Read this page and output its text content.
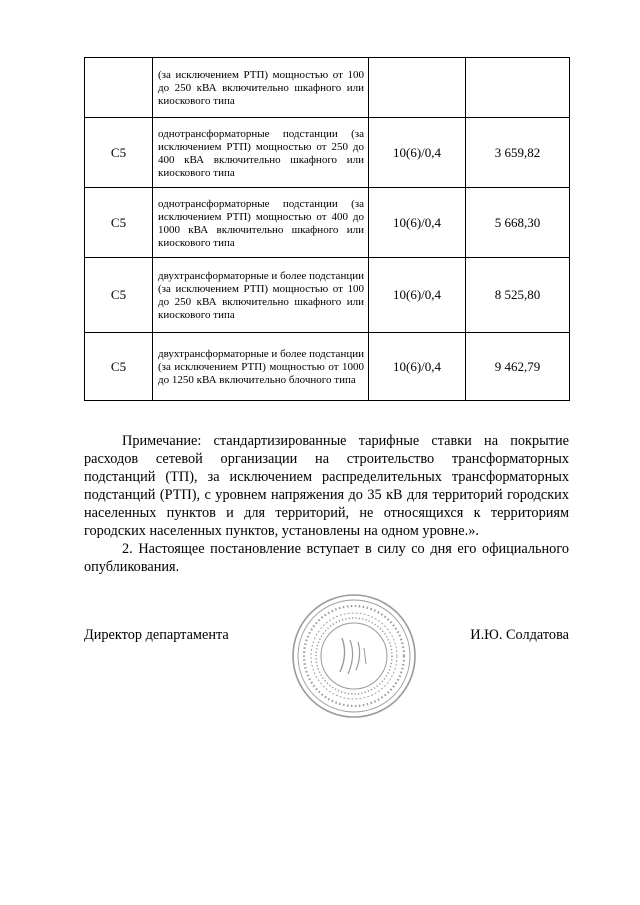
	(за исключением РТП) мощностью от 100 до 250 кВА включительно шкафного или киоскового типа		
С5	однотрансформаторные подстанции (за исключением РТП) мощностью от 250 до 400 кВА включительно шкафного или киоскового типа	10(6)/0,4	3 659,82
С5	однотрансформаторные подстанции (за исключением РТП) мощностью от 400 до 1000 кВА включительно шкафного или киоскового типа	10(6)/0,4	5 668,30
С5	двухтрансформаторные и более подстанции (за исключением РТП) мощностью от 100 до 250 кВА включительно шкафного или киоскового типа	10(6)/0,4	8 525,80
С5	двухтрансформаторные и более подстанции (за исключением РТП) мощностью от 1000 до 1250 кВА включительно блочного типа	10(6)/0,4	9 462,79

Примечание: стандартизированные тарифные ставки на покрытие расходов сетевой организации на строительство трансформаторных подстанций (ТП), за исключением распределительных трансформаторных подстанций (РТП), с уровнем напряжения до 35 кВ для территорий городских населенных пунктов и для территорий, не относящихся к территориям городских населенных пунктов, установлены на одном уровне.».

2. Настоящее постановление вступает в силу со дня его официального опубликования.

Директор департамента	И.Ю. Солдатова
